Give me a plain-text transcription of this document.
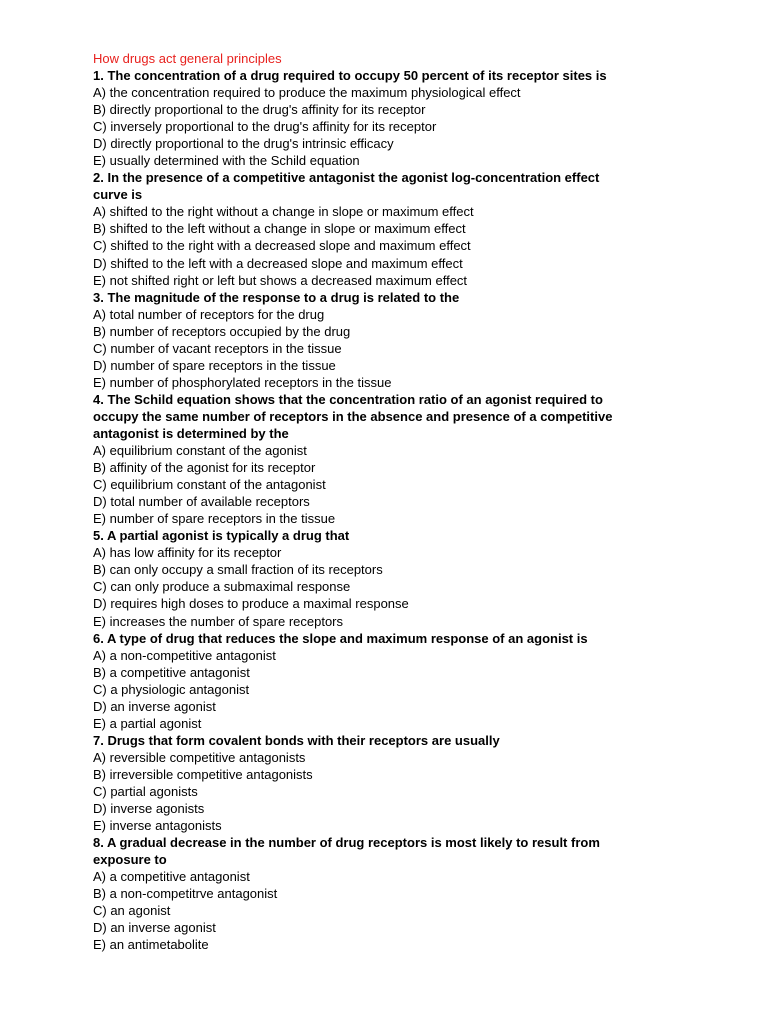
How drugs act general principles
1. The concentration of a drug required to occupy 50 percent of its receptor sites is
A) the concentration required to produce the maximum physiological effect
B) directly proportional to the drug's affinity for its receptor
C) inversely proportional to the drug's affinity for its receptor
D) directly proportional to the drug's intrinsic efficacy
E) usually determined with the Schild equation
2. In the presence of a competitive antagonist the agonist log-concentration effect curve is
A) shifted to the right without a change in slope or maximum effect
B) shifted to the left without a change in slope or maximum effect
C) shifted to the right with a decreased slope and maximum effect
D) shifted to the left with a decreased slope and maximum effect
E) not shifted right or left but shows a decreased maximum effect
3. The magnitude of the response to a drug is related to the
A) total number of receptors for the drug
B) number of receptors occupied by the drug
C) number of vacant receptors in the tissue
D) number of spare receptors in the tissue
E) number of phosphorylated receptors in the tissue
4. The Schild equation shows that the concentration ratio of an agonist required to occupy the same number of receptors in the absence and presence of a competitive antagonist is determined by the
A) equilibrium constant of the agonist
B) affinity of the agonist for its receptor
C) equilibrium constant of the antagonist
D) total number of available receptors
E) number of spare receptors in the tissue
5. A partial agonist is typically a drug that
A) has low affinity for its receptor
B) can only occupy a small fraction of its receptors
C) can only produce a submaximal response
D) requires high doses to produce a maximal response
E) increases the number of spare receptors
6. A type of drug that reduces the slope and maximum response of an agonist is
A) a non-competitive antagonist
B) a competitive antagonist
C) a physiologic antagonist
D) an inverse agonist
E) a partial agonist
7. Drugs that form covalent bonds with their receptors are usually
A) reversible competitive antagonists
B) irreversible competitive antagonists
C) partial agonists
D) inverse agonists
E) inverse antagonists
8. A gradual decrease in the number of drug receptors is most likely to result from exposure to
A) a competitive antagonist
B) a non-competitrve antagonist
C) an agonist
D) an inverse agonist
E) an antimetabolite
